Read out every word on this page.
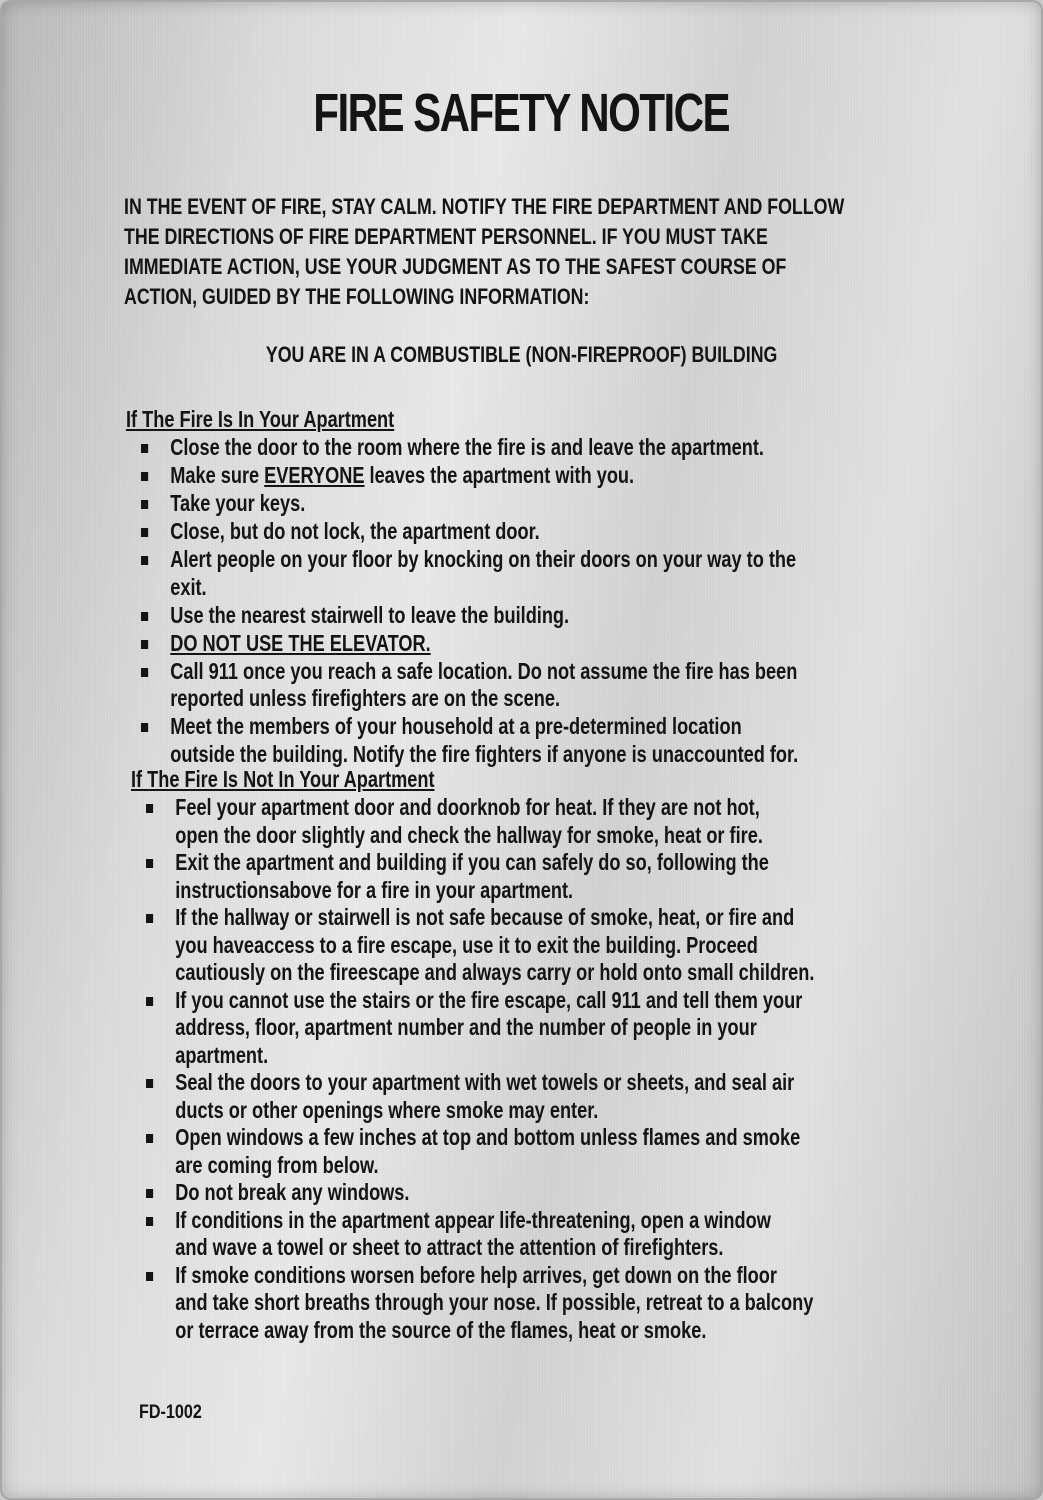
FIRE SAFETY NOTICE

IN THE EVENT OF FIRE, STAY CALM. NOTIFY THE FIRE DEPARTMENT AND FOLLOW

THE DIRECTIONS OF FIRE DEPARTMENT PERSONNEL. IF YOU MUST TAKE

IMMEDIATE ACTION, USE YOUR JUDGMENT AS TO THE SAFEST COURSE OF

ACTION, GUIDED BY THE FOLLOWING INFORMATION:

YOU ARE IN A COMBUSTIBLE (NON-FIREPROOF) BUILDING

If The Fire Is In Your Apartment

Close the door to the room where the fire is and leave the apartment.
Make sure EVERYONE leaves the apartment with you.
Take your keys.
Close, but do not lock, the apartment door.
Alert people on your floor by knocking on their doors on your way to the
exit.
Use the nearest stairwell to leave the building.
DO NOT USE THE ELEVATOR.
Call 911 once you reach a safe location. Do not assume the fire has been
reported unless firefighters are on the scene.
Meet the members of your household at a pre-determined location
outside the building. Notify the fire fighters if anyone is unaccounted for.

If The Fire Is Not In Your Apartment

Feel your apartment door and doorknob for heat. If they are not hot,
open the door slightly and check the hallway for smoke, heat or fire.
Exit the apartment and building if you can safely do so, following the
instructionsabove for a fire in your apartment.
If the hallway or stairwell is not safe because of smoke, heat, or fire and
you haveaccess to a fire escape, use it to exit the building. Proceed
cautiously on the fireescape and always carry or hold onto small children.
If you cannot use the stairs or the fire escape, call 911 and tell them your
address, floor, apartment number and the number of people in your
apartment.
Seal the doors to your apartment with wet towels or sheets, and seal air
ducts or other openings where smoke may enter.
Open windows a few inches at top and bottom unless flames and smoke
are coming from below.
Do not break any windows.
If conditions in the apartment appear life-threatening, open a window
and wave a towel or sheet to attract the attention of firefighters.
If smoke conditions worsen before help arrives, get down on the floor
and take short breaths through your nose. If possible, retreat to a balcony
or terrace away from the source of the flames, heat or smoke.
FD-1002
